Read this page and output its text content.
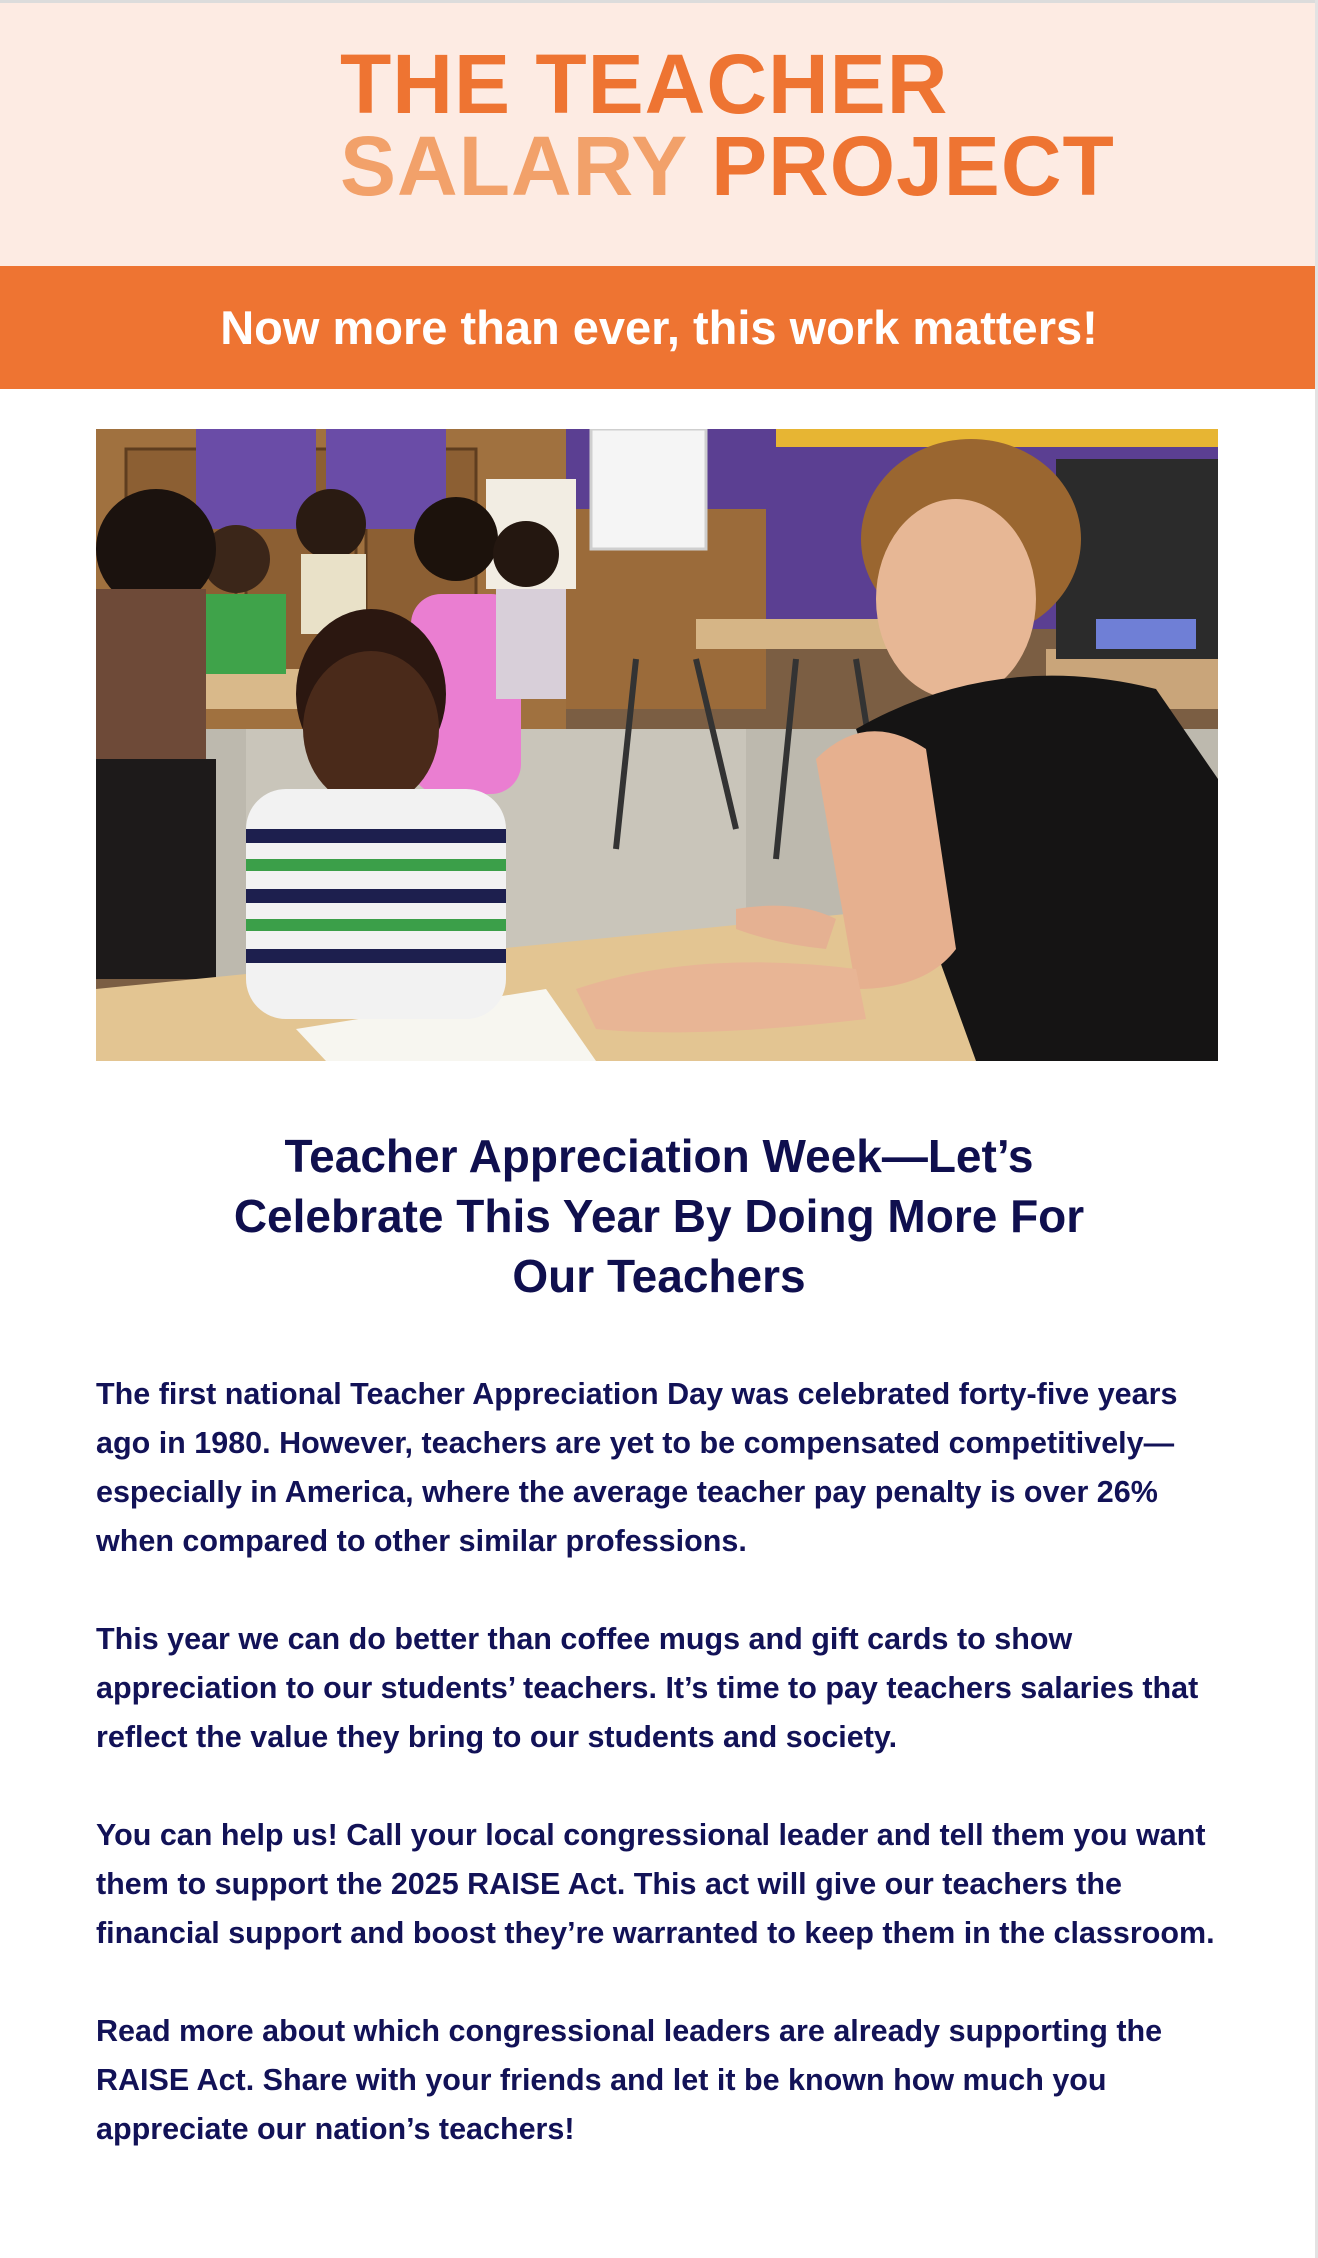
THE TEACHER
SALARY PROJECT
Now more than ever, this work matters!
Teacher Appreciation Week—Let’s
Celebrate This Year By Doing More For
Our Teachers

The first national Teacher Appreciation Day was celebrated forty-five years ago in 1980. However, teachers are yet to be compensated competitively—especially in America, where the average teacher pay penalty is over 26% when compared to other similar professions.

This year we can do better than coffee mugs and gift cards to show appreciation to our students’ teachers. It’s time to pay teachers salaries that reflect the value they bring to our students and society.

You can help us! Call your local congressional leader and tell them you want them to support the 2025 RAISE Act. This act will give our teachers the financial support and boost they’re warranted to keep them in the classroom.

Read more about which congressional leaders are already supporting the RAISE Act. Share with your friends and let it be known how much you appreciate our nation’s teachers!
